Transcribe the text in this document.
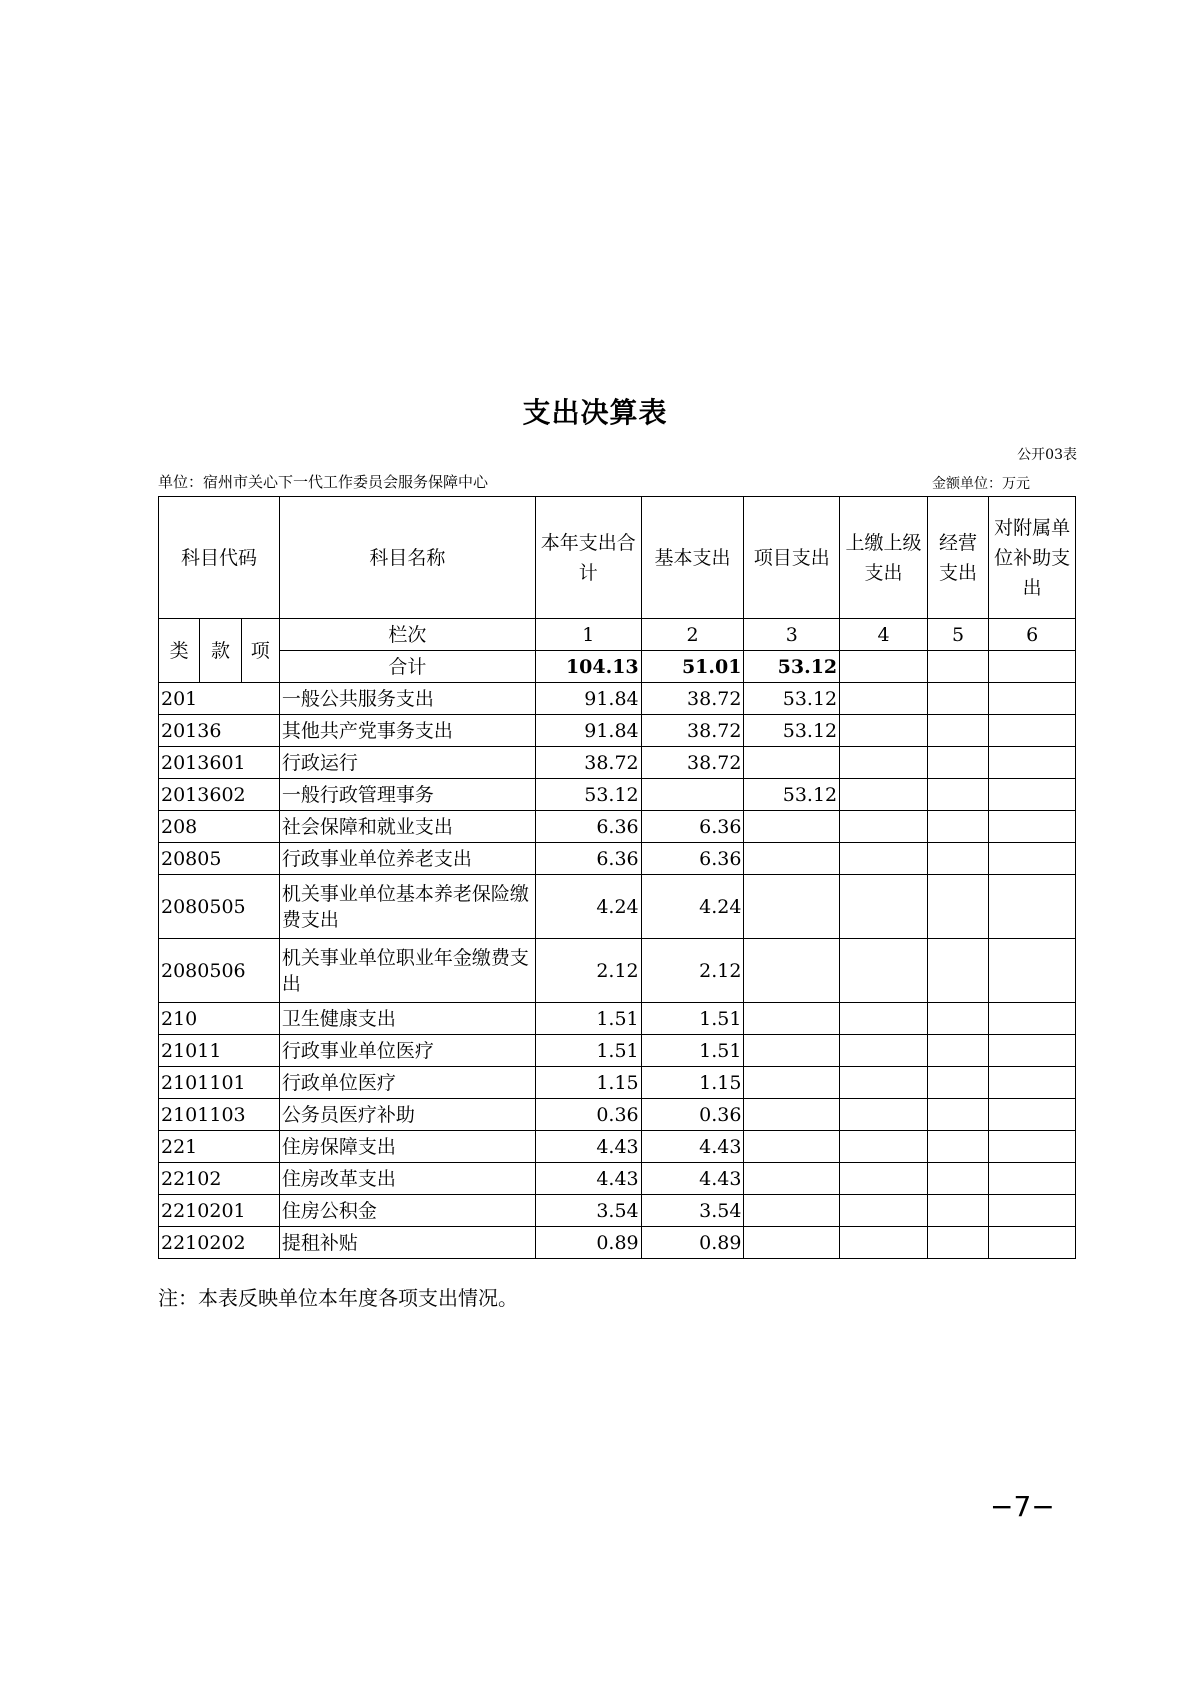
支出决算表
公开03表
单位：宿州市关心下一代工作委员会服务保障中心	金额单位：万元
科目代码			科目名称	本年支出合计	基本支出	项目支出	上缴上级支出	经营支出	对附属单位补助支出
类	款	项	栏次	1	2	3	4	5	6
			合计	104.13	51.01	53.12			
201			一般公共服务支出	91.84	38.72	53.12			
20136			其他共产党事务支出	91.84	38.72	53.12			
2013601			行政运行	38.72	38.72				
2013602			一般行政管理事务	53.12		53.12			
208			社会保障和就业支出	6.36	6.36				
20805			行政事业单位养老支出	6.36	6.36				
2080505			机关事业单位基本养老保险缴费支出	4.24	4.24				
2080506			机关事业单位职业年金缴费支出	2.12	2.12				
210			卫生健康支出	1.51	1.51				
21011			行政事业单位医疗	1.51	1.51				
2101101			行政单位医疗	1.15	1.15				
2101103			公务员医疗补助	0.36	0.36				
221			住房保障支出	4.43	4.43				
22102			住房改革支出	4.43	4.43				
2210201			住房公积金	3.54	3.54				
2210202			提租补贴	0.89	0.89				
注：本表反映单位本年度各项支出情况。
−7−
